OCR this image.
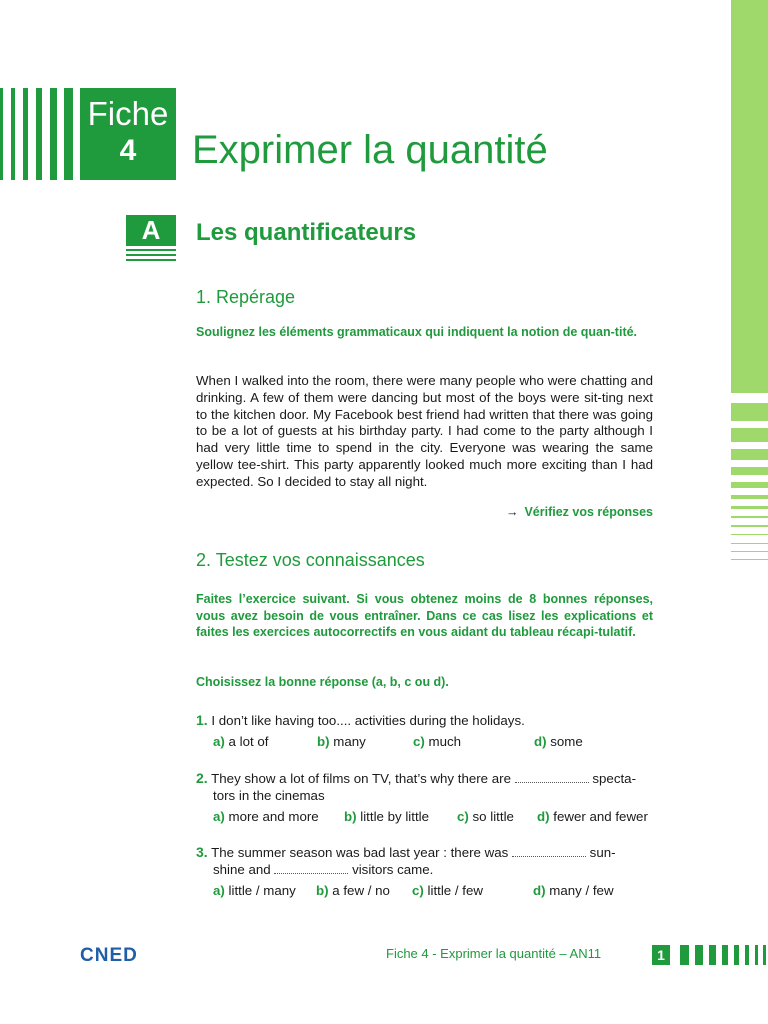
Fiche
4	Exprimer la quantité
A	Les quantificateurs
1. Repérage
Soulignez les éléments grammaticaux qui indiquent la notion de quan-tité.
When I walked into the room, there were many people who were chatting and drinking. A few of them were dancing but most of the boys were sit-ting next to the kitchen door. My Facebook best friend had written that there was going to be a lot of guests at his birthday party. I had come to the party although I had very little time to spend in the city. Everyone was wearing the same yellow tee-shirt. This party apparently looked much more exciting than I had expected. So I decided to stay all night.
→ Vérifiez vos réponses
2. Testez vos connaissances
Faites l’exercice suivant. Si vous obtenez moins de 8 bonnes réponses, vous avez besoin de vous entraîner. Dans ce cas lisez les explications et faites les exercices autocorrectifs en vous aidant du tableau récapi-tulatif.
Choisissez la bonne réponse (a, b, c ou d).
1. I don’t like having too.... activities during the holidays.
a) a lot of	b) many	c) much	d) some
2. They show a lot of films on TV, that’s why there are	specta-
tors in the cinemas
a) more and more b) little by little c) so little d) fewer and fewer
3. The summer season was bad last year : there was	sun-
shine and	visitors came.
a) little / many b) a few / no c) little / few	d) many / few
CNED	Fiche 4 - Exprimer la quantité – AN11	1
